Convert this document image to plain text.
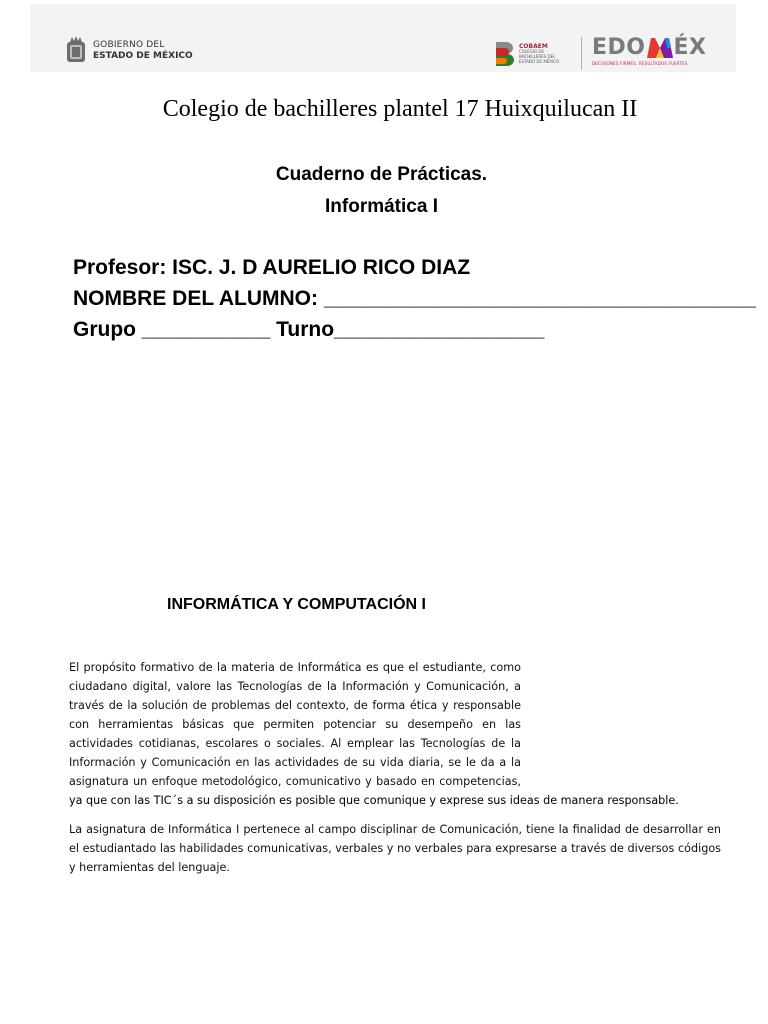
GOBIERNO DEL
ESTADO DE MÉXICO
COBAEM
COLEGIO DE BACHILLERES DEL ESTADO DE MÉXICO
EDO ÉX
DECISIONES FIRMES, RESULTADOS FUERTES.
Colegio de bachilleres plantel 17 Huixquilucan II
Cuaderno de Prácticas.
Informática I
Profesor: ISC. J. D AURELIO RICO DIAZ
NOMBRE DEL ALUMNO: _____________________________________
Grupo ___________ Turno__________________
INFORMÁTICA Y COMPUTACIÓN I
El propósito formativo de la materia de Informática es que el estudiante, como
ciudadano digital, valore las Tecnologías de la Información y Comunicación, a
través de la solución de problemas del contexto, de forma ética y responsable
con herramientas básicas que permiten potenciar su desempeño en las
actividades cotidianas, escolares o sociales. Al emplear las Tecnologías de la
Información y Comunicación en las actividades de su vida diaria, se le da a la
asignatura un enfoque metodológico, comunicativo y basado en competencias,
ya que con las TIC´s a su disposición es posible que comunique y exprese sus ideas de manera responsable.
La asignatura de Informática I pertenece al campo disciplinar de Comunicación, tiene la finalidad de desarrollar en el estudiantado las habilidades comunicativas, verbales y no verbales para expresarse a través de diversos códigos y herramientas del lenguaje.
